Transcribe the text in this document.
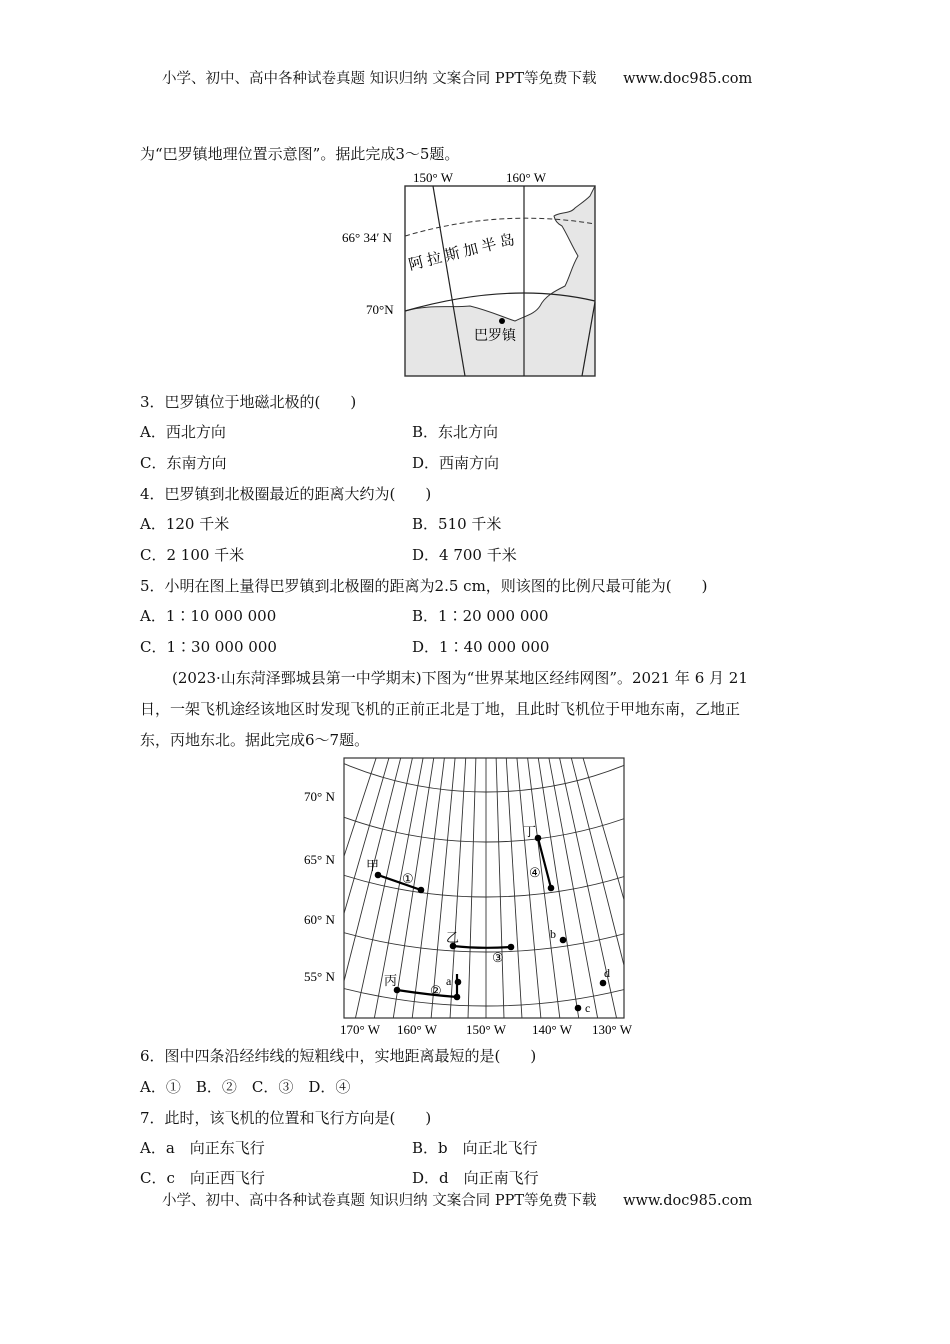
小学、初中、高中各种试卷真题 知识归纳 文案合同 PPT等免费下载 www.doc985.com
为“巴罗镇地理位置示意图”。据此完成3～5题。
150° W	160° W
66° 34′ N
70°N
阿 拉 斯 加 半 岛
巴罗镇
3．巴罗镇位于地磁北极的(　　)
A．西北方向	B．东北方向
C．东南方向	D．西南方向
4．巴罗镇到北极圈最近的距离大约为(　　)
A．120 千米	B．510 千米
C．2 100 千米	D．4 700 千米
5．小明在图上量得巴罗镇到北极圈的距离为2.5 cm，则该图的比例尺最可能为(　　)
A．1∶10 000 000	B．1∶20 000 000
C．1∶30 000 000	D．1∶40 000 000
(2023·山东菏泽鄄城县第一中学期末)下图为“世界某地区经纬网图”。2021 年 6 月 21
日，一架飞机途经该地区时发现飞机的正前正北是丁地，且此时飞机位于甲地东南，乙地正
东，丙地东北。据此完成6～7题。
70° N
65° N
60° N
55° N
170° W 160° W 150° W 140° W 130° W
甲
乙
丙
丁
a
b
c
d
①
②
③
④
6．图中四条沿经纬线的短粗线中，实地距离最短的是(　　)
A．①　B．②　C．③　D．④
7．此时，该飞机的位置和飞行方向是(　　)
A．a　向正东飞行	B．b　向正北飞行
C．c　向正西飞行	D．d　向正南飞行
小学、初中、高中各种试卷真题 知识归纳 文案合同 PPT等免费下载 www.doc985.com
